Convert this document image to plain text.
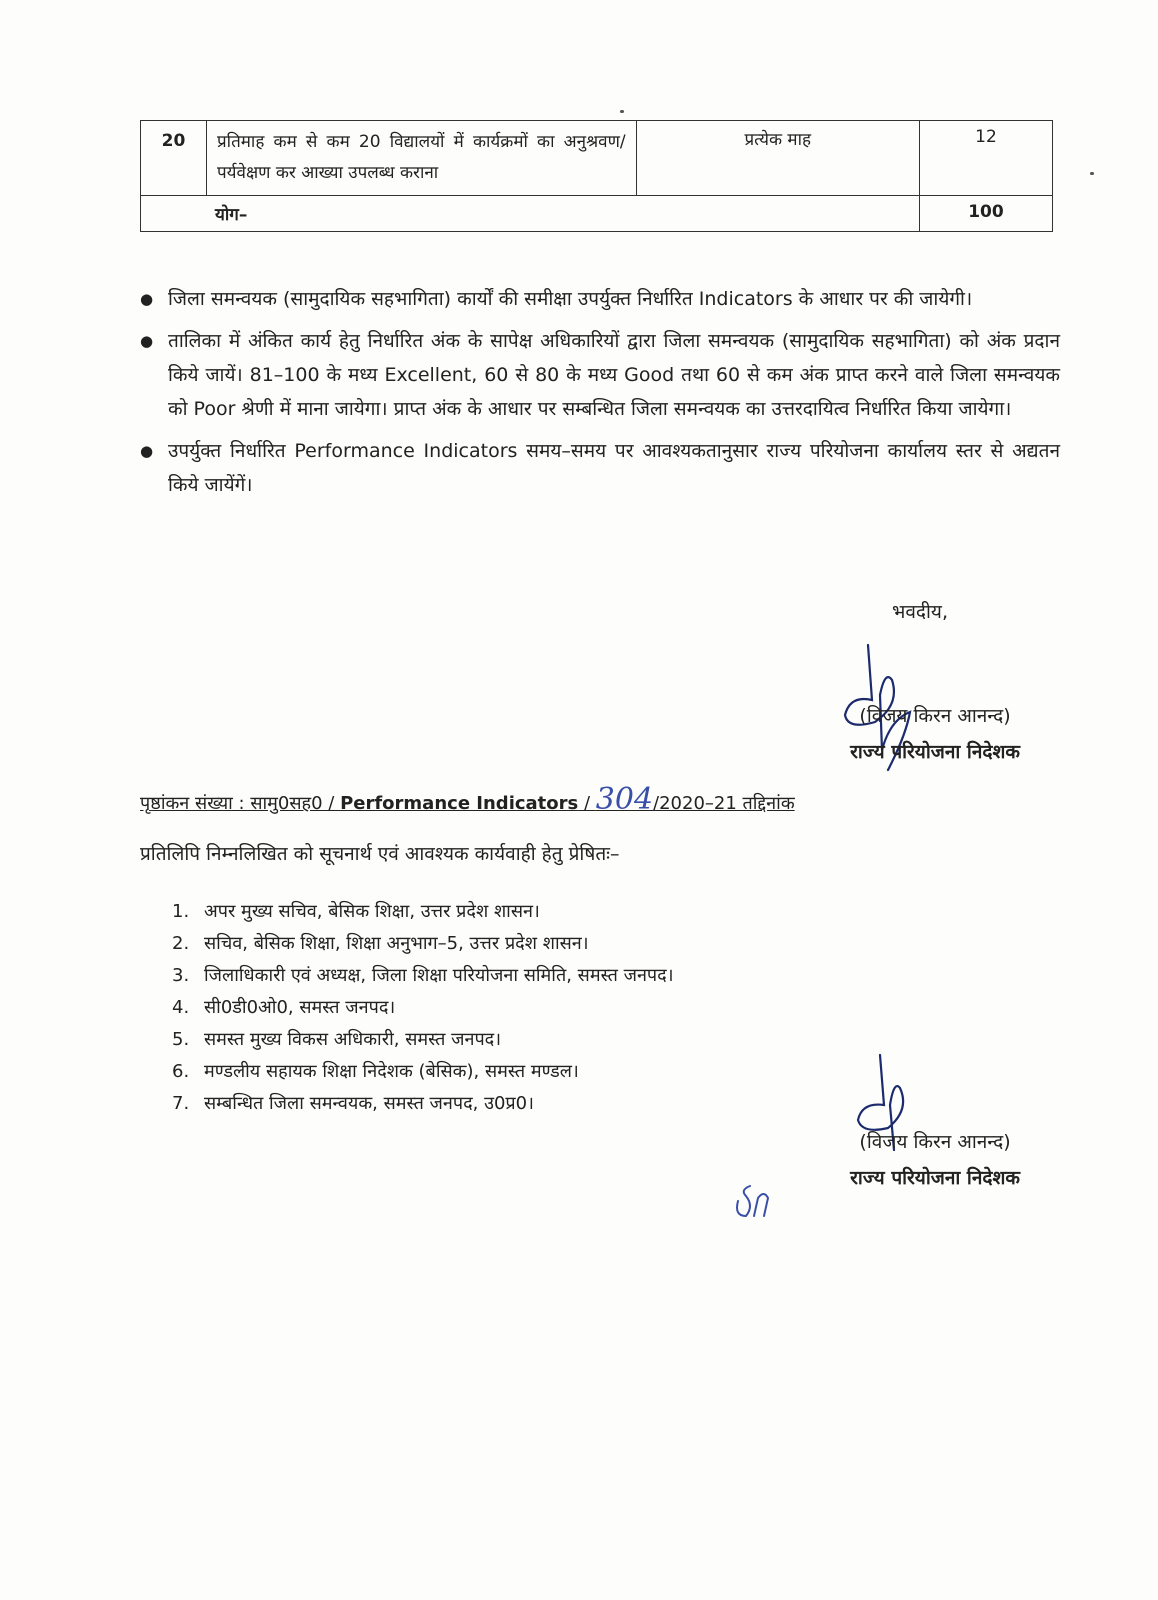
20	प्रतिमाह कम से कम 20 विद्यालयों में कार्यक्रमों का अनुश्रवण/पर्यवेक्षण कर आख्या उपलब्ध कराना	प्रत्येक माह	12
योग–			100
● जिला समन्वयक (सामुदायिक सहभागिता) कार्यों की समीक्षा उपर्युक्त निर्धारित Indicators के आधार पर की जायेगी।
● तालिका में अंकित कार्य हेतु निर्धारित अंक के सापेक्ष अधिकारियों द्वारा जिला समन्वयक (सामुदायिक सहभागिता) को अंक प्रदान किये जायें। 81–100 के मध्य Excellent, 60 से 80 के मध्य Good तथा 60 से कम अंक प्राप्त करने वाले जिला समन्वयक को Poor श्रेणी में माना जायेगा। प्राप्त अंक के आधार पर सम्बन्धित जिला समन्वयक का उत्तरदायित्व निर्धारित किया जायेगा।
● उपर्युक्त निर्धारित Performance Indicators समय–समय पर आवश्यकतानुसार राज्य परियोजना कार्यालय स्तर से अद्यतन किये जायेंगें।
भवदीय,
(विजय किरन आनन्द)
राज्य परियोजना निदेशक
पृष्ठांकन संख्या : सामु0सह0 / Performance Indicators / 304/2020–21 तद्दिनांक
प्रतिलिपि निम्नलिखित को सूचनार्थ एवं आवश्यक कार्यवाही हेतु प्रेषितः–
1. अपर मुख्य सचिव, बेसिक शिक्षा, उत्तर प्रदेश शासन।
2. सचिव, बेसिक शिक्षा, शिक्षा अनुभाग–5, उत्तर प्रदेश शासन।
3. जिलाधिकारी एवं अध्यक्ष, जिला शिक्षा परियोजना समिति, समस्त जनपद।
4. सी0डी0ओ0, समस्त जनपद।
5. समस्त मुख्य विकस अधिकारी, समस्त जनपद।
6. मण्डलीय सहायक शिक्षा निदेशक (बेसिक), समस्त मण्डल।
7. सम्बन्धित जिला समन्वयक, समस्त जनपद, उ0प्र0।
(विजय किरन आनन्द)
राज्य परियोजना निदेशक
